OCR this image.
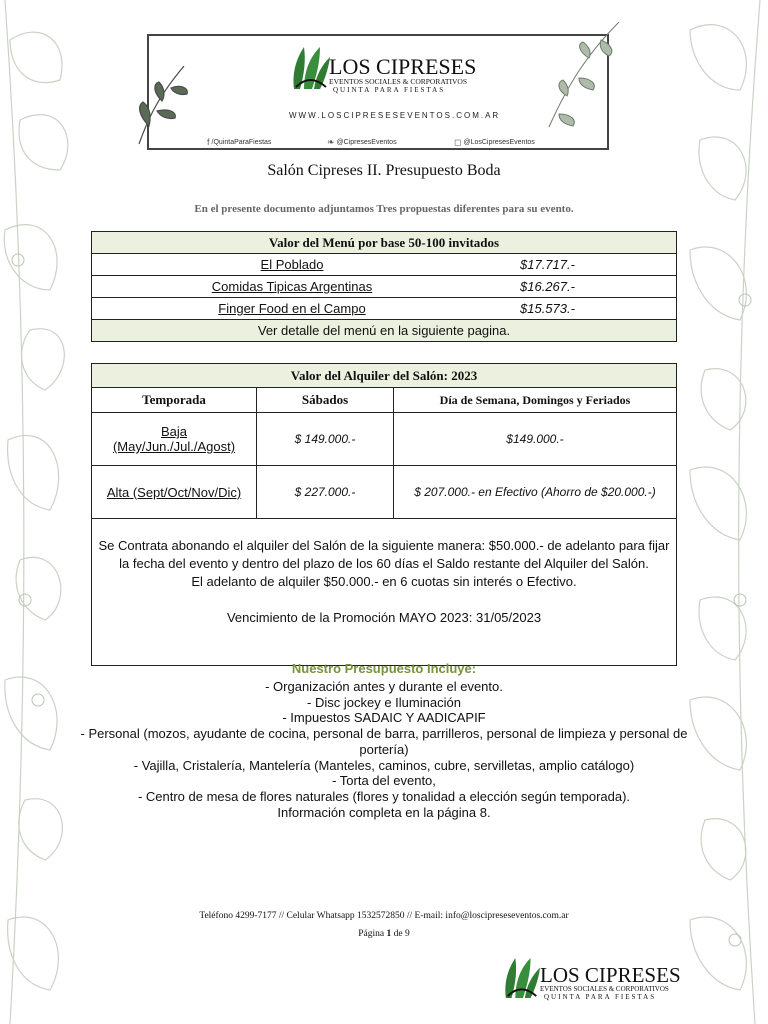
LOS CIPRESES
EVENTOS SOCIALES & CORPORATIVOS
QUINTA PARA FIESTAS
WWW.LOSCIPRESESEVENTOS.COM.AR
f /QuintaParaFiestas	❧ @CipresesEventos	◻ @LosCipresesEventos
Salón Cipreses II. Presupuesto Boda
En el presente documento adjuntamos Tres propuestas diferentes para su evento.
Valor del Menú por base 50-100 invitados	
El Poblado	$17.717.-
Comidas Tipicas Argentinas	$16.267.-
Finger Food en el Campo	$15.573.-
Ver detalle del menú en la siguiente pagina.	
Valor del Alquiler del Salón: 2023		
Temporada	Sábados	Día de Semana, Domingos y Feriados

Baja
(May/Jun./Jul./Agost)	$ 149.000.-	$149.000.-

Alta (Sept/Oct/Nov/Dic)	$ 227.000.-	$ 207.000.- en Efectivo (Ahorro de $20.000.-)

Se Contrata abonando el alquiler del Salón de la siguiente manera: $50.000.- de adelanto para fijar la fecha del evento y dentro del plazo de los 60 días el Saldo restante del Alquiler del Salón.
El adelanto de alquiler $50.000.- en 6 cuotas sin interés o Efectivo.
Vencimiento de la Promoción MAYO 2023: 31/05/2023		
Nuestro Presupuesto Incluye:
- Organización antes y durante el evento.
- Disc jockey e Iluminación
- Impuestos SADAIC Y AADICAPIF
- Personal (mozos, ayudante de cocina, personal de barra, parrilleros, personal de limpieza y personal de portería)
- Vajilla, Cristalería, Mantelería (Manteles, caminos, cubre, servilletas, amplio catálogo)
- Torta del evento,
- Centro de mesa de flores naturales (flores y tonalidad a elección según temporada).
Información completa en la página 8.
Teléfono 4299-7177 // Celular Whatsapp 1532572850 // E-mail: info@loscipreseseventos.com.ar
Página 1 de 9
LOS CIPRESES
EVENTOS SOCIALES & CORPORATIVOS
QUINTA PARA FIESTAS
